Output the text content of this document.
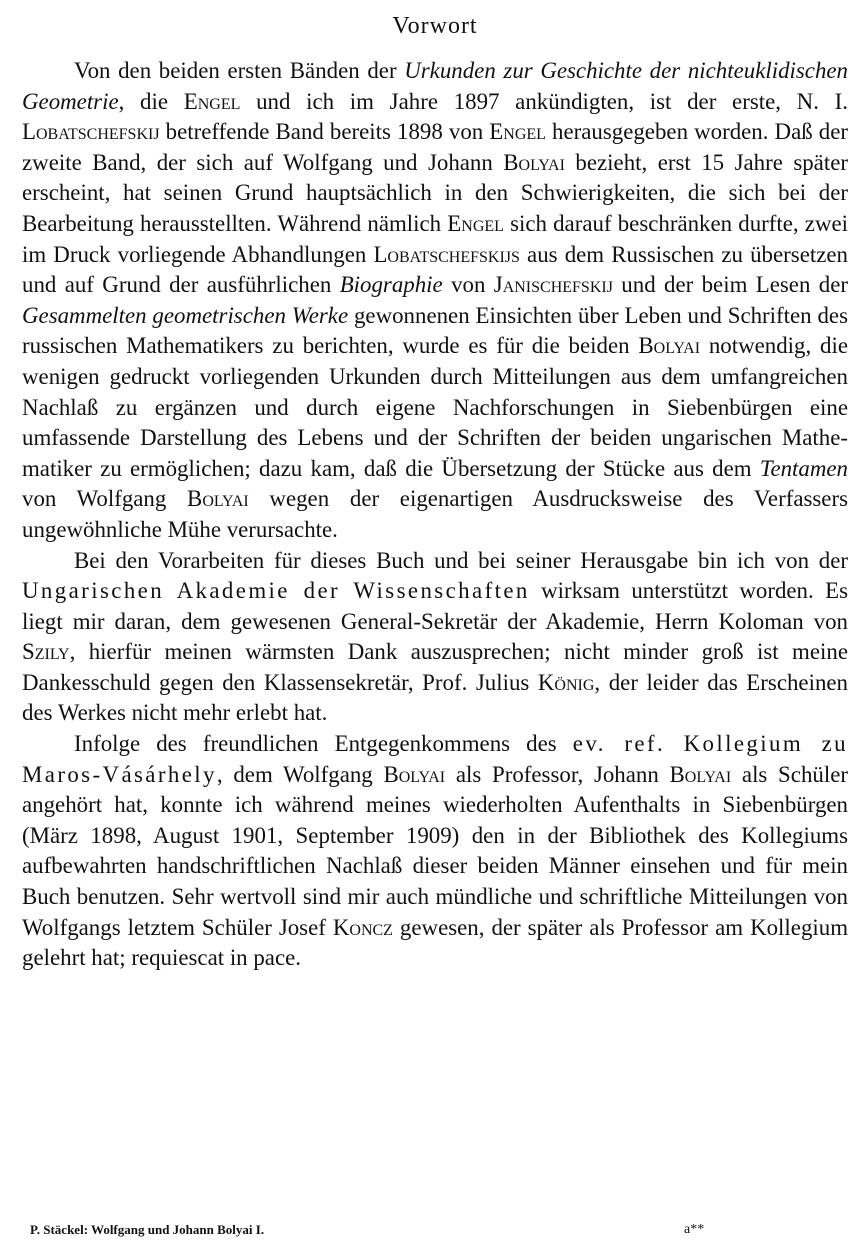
Vorwort

Von den beiden ersten Bänden der Urkunden zur Geschichte der nichteuklidischen Geometrie, die Engel und ich im Jahre 1897 ankündigten, ist der erste, N. I. Lobatschefskij betreffende Band bereits 1898 von Engel herausgegeben worden. Daß der zweite Band, der sich auf Wolfgang und Johann Bolyai bezieht, erst 15 Jahre später erscheint, hat seinen Grund hauptsächlich in den Schwierigkeiten, die sich bei der Bearbeitung herausstellten. Während nämlich Engel sich darauf beschränken durfte, zwei im Druck vorliegende Abhandlungen Lobatschefskijs aus dem Russischen zu übersetzen und auf Grund der ausführlichen Biographie von Janischefskij und der beim Lesen der Gesammelten geometrischen Werke gewonnenen Einsichten über Leben und Schriften des russischen Mathematikers zu berichten, wurde es für die beiden Bolyai notwendig, die wenigen gedruckt vorliegenden Urkunden durch Mitteilungen aus dem umfangreichen Nachlaß zu ergänzen und durch eigene Nachforschungen in Siebenbürgen eine umfassende Darstellung des Lebens und der Schriften der beiden ungarischen Mathematiker zu ermöglichen; dazu kam, daß die Übersetzung der Stücke aus dem Tentamen von Wolfgang Bolyai wegen der eigenartigen Ausdrucksweise des Verfassers ungewöhnliche Mühe verursachte.

Bei den Vorarbeiten für dieses Buch und bei seiner Herausgabe bin ich von der Ungarischen Akademie der Wissenschaften wirksam unterstützt worden. Es liegt mir daran, dem gewesenen General-Sekretär der Akademie, Herrn Koloman von Szily, hierfür meinen wärmsten Dank auszusprechen; nicht minder groß ist meine Dankesschuld gegen den Klassensekretär, Prof. Julius König, der leider das Erscheinen des Werkes nicht mehr erlebt hat.

Infolge des freundlichen Entgegenkommens des ev. ref. Kollegium zu Maros-Vásárhely, dem Wolfgang Bolyai als Professor, Johann Bolyai als Schüler angehört hat, konnte ich während meines wiederholten Aufenthalts in Siebenbürgen (März 1898, August 1901, September 1909) den in der Bibliothek des Kollegiums aufbewahrten handschriftlichen Nachlaß dieser beiden Männer einsehen und für mein Buch benutzen. Sehr wertvoll sind mir auch mündliche und schriftliche Mitteilungen von Wolfgangs letztem Schüler Josef Koncz gewesen, der später als Professor am Kollegium gelehrt hat; requiescat in pace.

P. Stäckel: Wolfgang und Johann Bolyai I.	a**
